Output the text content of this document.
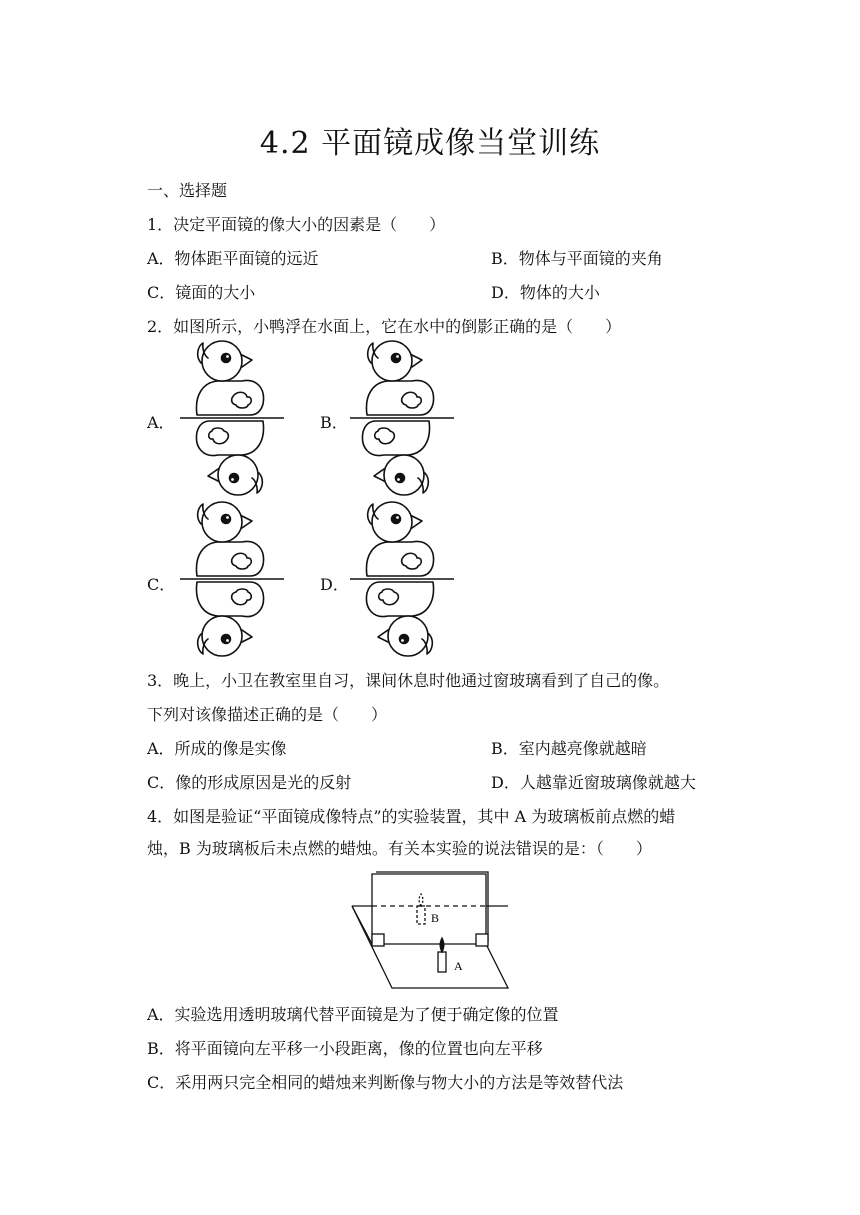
4.2 平面镜成像当堂训练
一、选择题
1．决定平面镜的像大小的因素是（　　）
A．物体距平面镜的远近	B．物体与平面镜的夹角
C．镜面的大小	D．物体的大小
2．如图所示，小鸭浮在水面上，它在水中的倒影正确的是（　　）
A．	B．
C．	D．
3．晚上，小卫在教室里自习，课间休息时他通过窗玻璃看到了自己的像。
下列对该像描述正确的是（　　）
A．所成的像是实像	B．室内越亮像就越暗
C．像的形成原因是光的反射	D．人越靠近窗玻璃像就越大
4．如图是验证“平面镜成像特点”的实验装置，其中 A 为玻璃板前点燃的蜡
烛，B 为玻璃板后未点燃的蜡烛。有关本实验的说法错误的是：（　　）
B
A
A．实验选用透明玻璃代替平面镜是为了便于确定像的位置
B．将平面镜向左平移一小段距离，像的位置也向左平移
C．采用两只完全相同的蜡烛来判断像与物大小的方法是等效替代法
